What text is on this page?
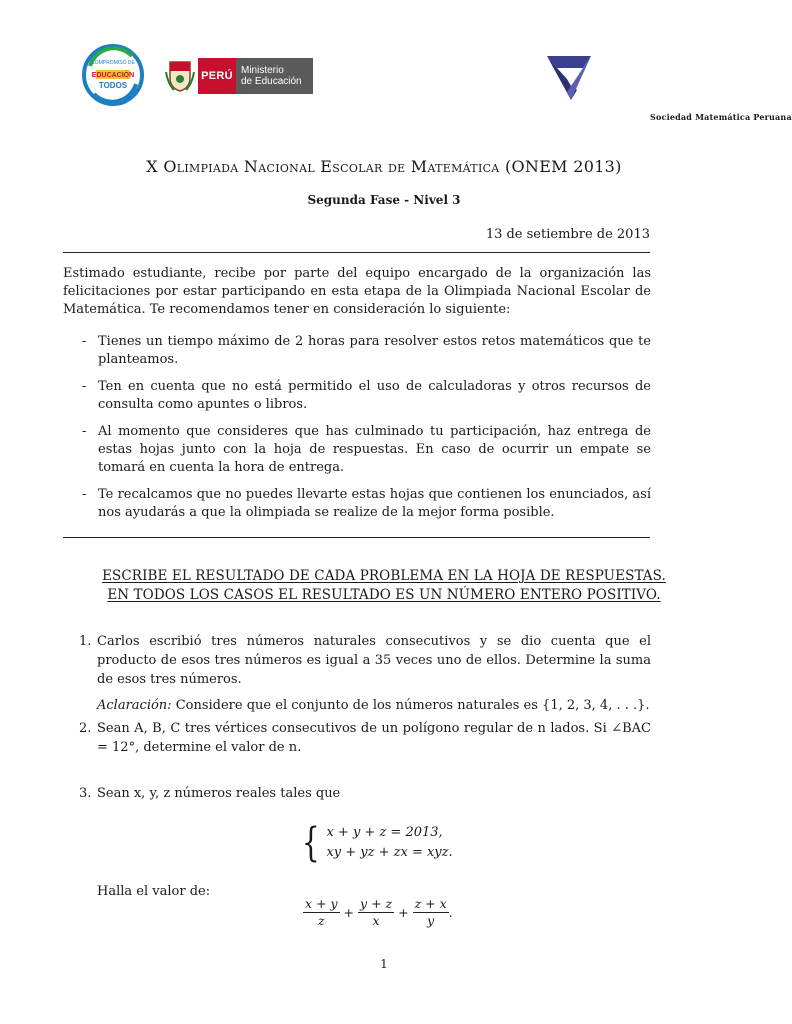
COMPROMISO DE
EDUCACIÓN
TODOS
PERÚ Ministerio
de Educación
Sociedad Matemática Peruana
X Olimpiada Nacional Escolar de Matemática (ONEM 2013)
Segunda Fase - Nivel 3
13 de setiembre de 2013
Estimado estudiante, recibe por parte del equipo encargado de la organización las felicitaciones por estar participando en esta etapa de la Olimpiada Nacional Escolar de Matemática. Te recomendamos tener en consideración lo siguiente:
- Tienes un tiempo máximo de 2 horas para resolver estos retos matemáticos que te planteamos.
- Ten en cuenta que no está permitido el uso de calculadoras y otros recursos de consulta como apuntes o libros.
- Al momento que consideres que has culminado tu participación, haz entrega de estas hojas junto con la hoja de respuestas. En caso de ocurrir un empate se tomará en cuenta la hora de entrega.
- Te recalcamos que no puedes llevarte estas hojas que contienen los enunciados, así nos ayudarás a que la olimpiada se realize de la mejor forma posible.
ESCRIBE EL RESULTADO DE CADA PROBLEMA EN LA HOJA DE RESPUESTAS.
EN TODOS LOS CASOS EL RESULTADO ES UN NÚMERO ENTERO POSITIVO.
1. Carlos escribió tres números naturales consecutivos y se dio cuenta que el producto de esos tres números es igual a 35 veces uno de ellos. Determine la suma de esos tres números.
Aclaración: Considere que el conjunto de los números naturales es {1, 2, 3, 4, . . .}.
2. Sean A, B, C tres vértices consecutivos de un polígono regular de n lados. Si ∠BAC = 12°, determine el valor de n.
3. Sean x, y, z números reales tales que
{ x + y + z = 2013,
xy + yz + zx = xyz.
Halla el valor de:
$\frac{x + y}{z} + \frac{y + z}{x} + \frac{z + x}{y}$ .
1
